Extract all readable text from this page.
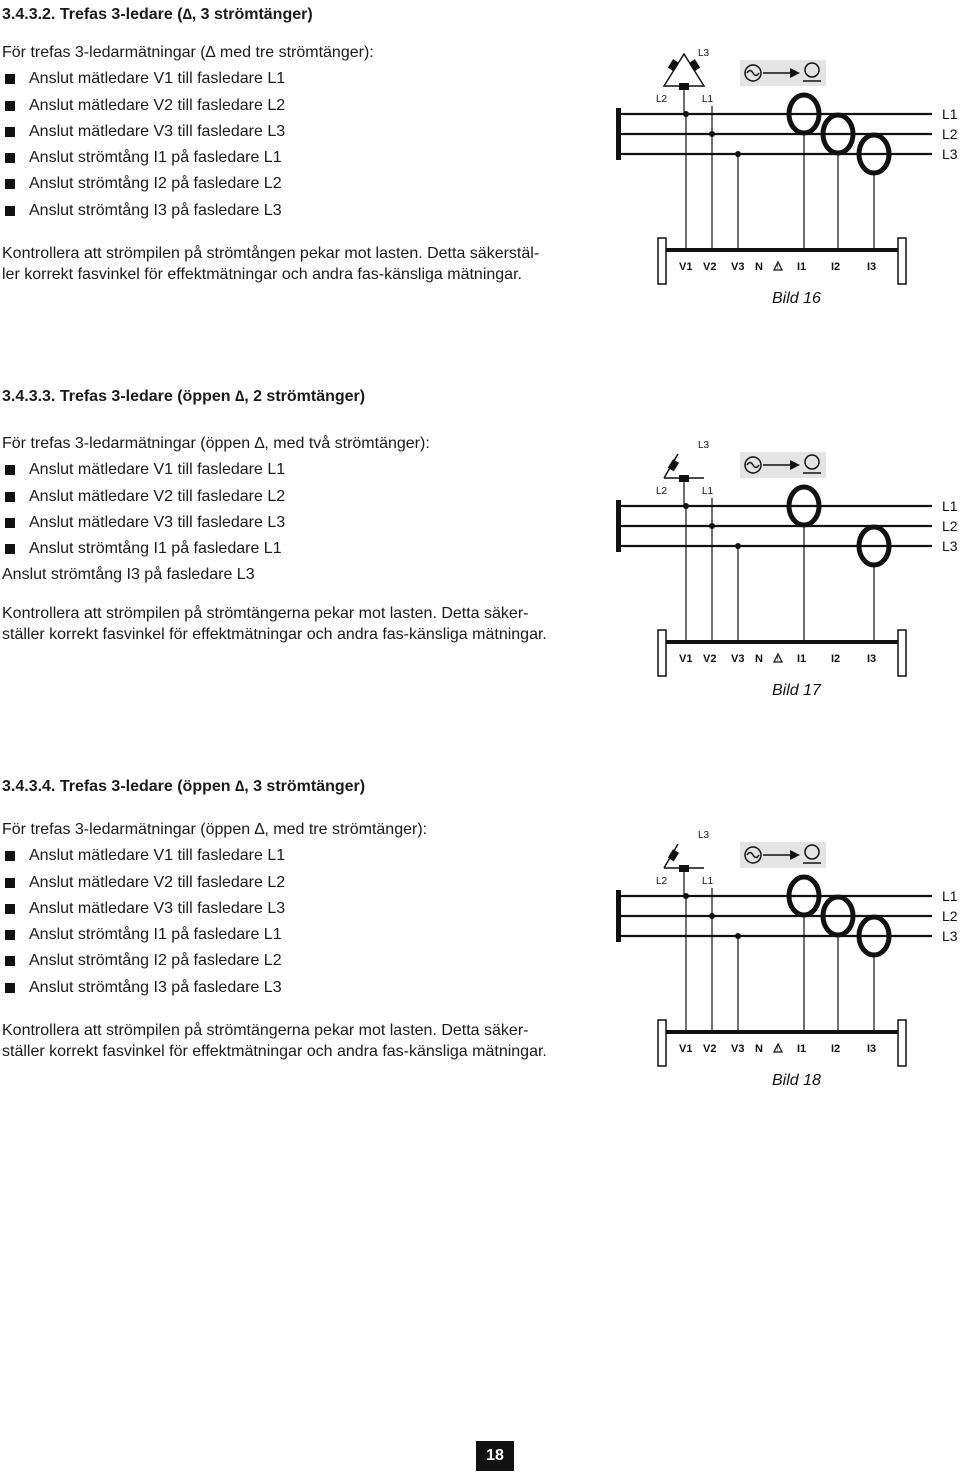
3.4.3.2. Trefas 3-ledare (∆, 3 strömtänger)
För trefas 3-ledarmätningar (∆ med tre strömtänger):
Anslut mätledare V1 till fasledare L1
Anslut mätledare V2 till fasledare L2
Anslut mätledare V3 till fasledare L3
Anslut strömtång I1 på fasledare L1
Anslut strömtång I2 på fasledare L2
Anslut strömtång I3 på fasledare L3
Kontrollera att strömpilen på strömtången pekar mot lasten. Detta säkerstäl-
ler korrekt fasvinkel för effektmätningar och andra fas-känsliga mätningar.
L3
L2	L1
L1
L2
L3
V1 V2 V3 N	I1 I2 I3
!
Bild 16
3.4.3.3. Trefas 3-ledare (öppen ∆, 2 strömtänger)
För trefas 3-ledarmätningar (öppen ∆, med två strömtänger):
Anslut mätledare V1 till fasledare L1
Anslut mätledare V2 till fasledare L2
Anslut mätledare V3 till fasledare L3
Anslut strömtång I1 på fasledare L1
Anslut strömtång I3 på fasledare L3
Kontrollera att strömpilen på strömtängerna pekar mot lasten. Detta säker-
ställer korrekt fasvinkel för effektmätningar och andra fas-känsliga mätningar.
L3
L2	L1
L1
L2
L3
V1 V2 V3 N	I1 I2 I3
!
Bild 17
3.4.3.4. Trefas 3-ledare (öppen ∆, 3 strömtänger)
För trefas 3-ledarmätningar (öppen ∆, med tre strömtänger):
Anslut mätledare V1 till fasledare L1
Anslut mätledare V2 till fasledare L2
Anslut mätledare V3 till fasledare L3
Anslut strömtång I1 på fasledare L1
Anslut strömtång I2 på fasledare L2
Anslut strömtång I3 på fasledare L3
Kontrollera att strömpilen på strömtängerna pekar mot lasten. Detta säker-
ställer korrekt fasvinkel för effektmätningar och andra fas-känsliga mätningar.
L3
L2	L1
L1
L2
L3
V1 V2 V3 N	I1 I2 I3
!
Bild 18
18
